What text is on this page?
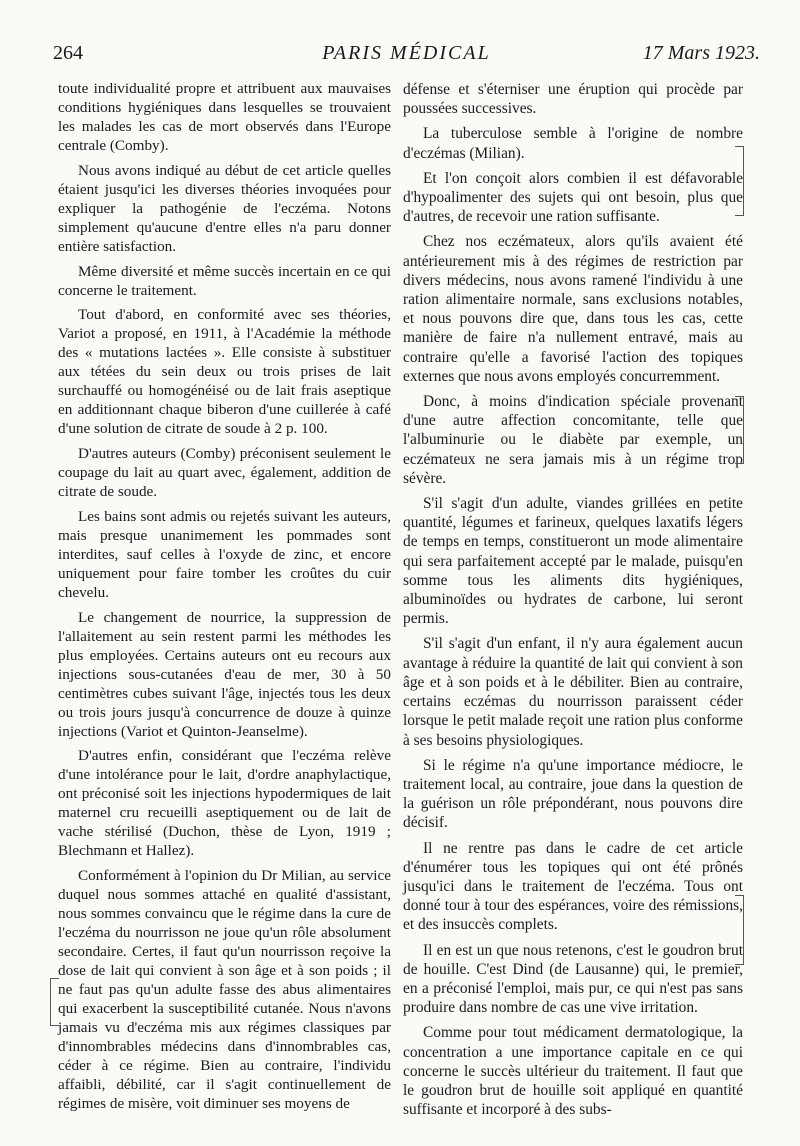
264	PARIS MÉDICAL	17 Mars 1923.

toute individualité propre et attribuent aux mauvaises conditions hygiéniques dans lesquelles se trouvaient les malades les cas de mort observés dans l'Europe centrale (Comby).

Nous avons indiqué au début de cet article quelles étaient jusqu'ici les diverses théories invoquées pour expliquer la pathogénie de l'eczéma. Notons simplement qu'aucune d'entre elles n'a paru donner entière satisfaction.

Même diversité et même succès incertain en ce qui concerne le traitement.

Tout d'abord, en conformité avec ses théories, Variot a proposé, en 1911, à l'Académie la méthode des « mutations lactées ». Elle consiste à substituer aux tétées du sein deux ou trois prises de lait surchauffé ou homogénéisé ou de lait frais aseptique en additionnant chaque biberon d'une cuillerée à café d'une solution de citrate de soude à 2 p. 100.

D'autres auteurs (Comby) préconisent seulement le coupage du lait au quart avec, également, addition de citrate de soude.

Les bains sont admis ou rejetés suivant les auteurs, mais presque unanimement les pommades sont interdites, sauf celles à l'oxyde de zinc, et encore uniquement pour faire tomber les croûtes du cuir chevelu.

Le changement de nourrice, la suppression de l'allaitement au sein restent parmi les méthodes les plus employées. Certains auteurs ont eu recours aux injections sous-cutanées d'eau de mer, 30 à 50 centimètres cubes suivant l'âge, injectés tous les deux ou trois jours jusqu'à concurrence de douze à quinze injections (Variot et Quinton-Jeanselme).

D'autres enfin, considérant que l'eczéma relève d'une intolérance pour le lait, d'ordre anaphylactique, ont préconisé soit les injections hypodermiques de lait maternel cru recueilli aseptiquement ou de lait de vache stérilisé (Duchon, thèse de Lyon, 1919 ; Blechmann et Hallez).

Conformément à l'opinion du Dr Milian, au service duquel nous sommes attaché en qualité d'assistant, nous sommes convaincu que le régime dans la cure de l'eczéma du nourrisson ne joue qu'un rôle absolument secondaire. Certes, il faut qu'un nourrisson reçoive la dose de lait qui convient à son âge et à son poids ; il ne faut pas qu'un adulte fasse des abus alimentaires qui exacerbent la susceptibilité cutanée. Nous n'avons jamais vu d'eczéma mis aux régimes classiques par d'innombrables médecins dans d'innombrables cas, céder à ce régime. Bien au contraire, l'individu affaibli, débilité, car il s'agit continuellement de régimes de misère, voit diminuer ses moyens de

défense et s'éterniser une éruption qui procède par poussées successives.

La tuberculose semble à l'origine de nombre d'eczémas (Milian).

Et l'on conçoit alors combien il est défavorable d'hypoalimenter des sujets qui ont besoin, plus que d'autres, de recevoir une ration suffisante.

Chez nos eczémateux, alors qu'ils avaient été antérieurement mis à des régimes de restriction par divers médecins, nous avons ramené l'individu à une ration alimentaire normale, sans exclusions notables, et nous pouvons dire que, dans tous les cas, cette manière de faire n'a nullement entravé, mais au contraire qu'elle a favorisé l'action des topiques externes que nous avons employés concurremment.

Donc, à moins d'indication spéciale provenant d'une autre affection concomitante, telle que l'albuminurie ou le diabète par exemple, un eczémateux ne sera jamais mis à un régime trop sévère.

S'il s'agit d'un adulte, viandes grillées en petite quantité, légumes et farineux, quelques laxatifs légers de temps en temps, constitueront un mode alimentaire qui sera parfaitement accepté par le malade, puisqu'en somme tous les aliments dits hygiéniques, albuminoïdes ou hydrates de carbone, lui seront permis.

S'il s'agit d'un enfant, il n'y aura également aucun avantage à réduire la quantité de lait qui convient à son âge et à son poids et à le débiliter. Bien au contraire, certains eczémas du nourrisson paraissent céder lorsque le petit malade reçoit une ration plus conforme à ses besoins physiologiques.

Si le régime n'a qu'une importance médiocre, le traitement local, au contraire, joue dans la question de la guérison un rôle prépondérant, nous pouvons dire décisif.

Il ne rentre pas dans le cadre de cet article d'énumérer tous les topiques qui ont été prônés jusqu'ici dans le traitement de l'eczéma. Tous ont donné tour à tour des espérances, voire des rémissions, et des insuccès complets.

Il en est un que nous retenons, c'est le goudron brut de houille. C'est Dind (de Lausanne) qui, le premier, en a préconisé l'emploi, mais pur, ce qui n'est pas sans produire dans nombre de cas une vive irritation.

Comme pour tout médicament dermatologique, la concentration a une importance capitale en ce qui concerne le succès ultérieur du traitement. Il faut que le goudron brut de houille soit appliqué en quantité suffisante et incorporé à des subs-
